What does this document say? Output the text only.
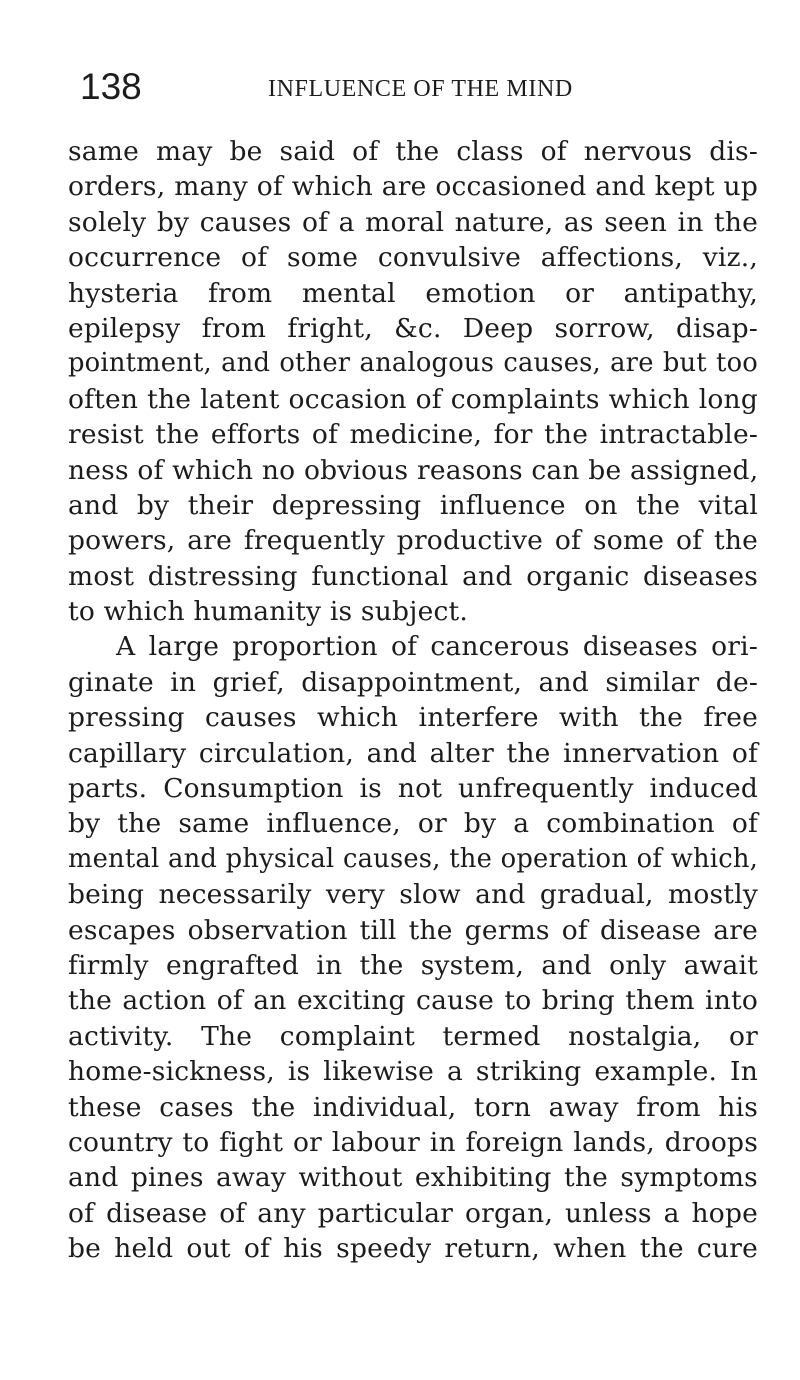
138	INFLUENCE OF THE MIND
same may be said of the class of nervous dis-
orders, many of which are occasioned and kept up
solely by causes of a moral nature, as seen in the
occurrence of some convulsive affections, viz.,
hysteria from mental emotion or antipathy,
epilepsy from fright, &c. Deep sorrow, disap-
pointment, and other analogous causes, are but too
often the latent occasion of complaints which long
resist the efforts of medicine, for the intractable-
ness of which no obvious reasons can be assigned,
and by their depressing influence on the vital
powers, are frequently productive of some of the
most distressing functional and organic diseases
to which humanity is subject.
A large proportion of cancerous diseases ori-
ginate in grief, disappointment, and similar de-
pressing causes which interfere with the free
capillary circulation, and alter the innervation of
parts. Consumption is not unfrequently induced
by the same influence, or by a combination of
mental and physical causes, the operation of which,
being necessarily very slow and gradual, mostly
escapes observation till the germs of disease are
firmly engrafted in the system, and only await
the action of an exciting cause to bring them into
activity. The complaint termed nostalgia, or
home-sickness, is likewise a striking example. In
these cases the individual, torn away from his
country to fight or labour in foreign lands, droops
and pines away without exhibiting the symptoms
of disease of any particular organ, unless a hope
be held out of his speedy return, when the cure
